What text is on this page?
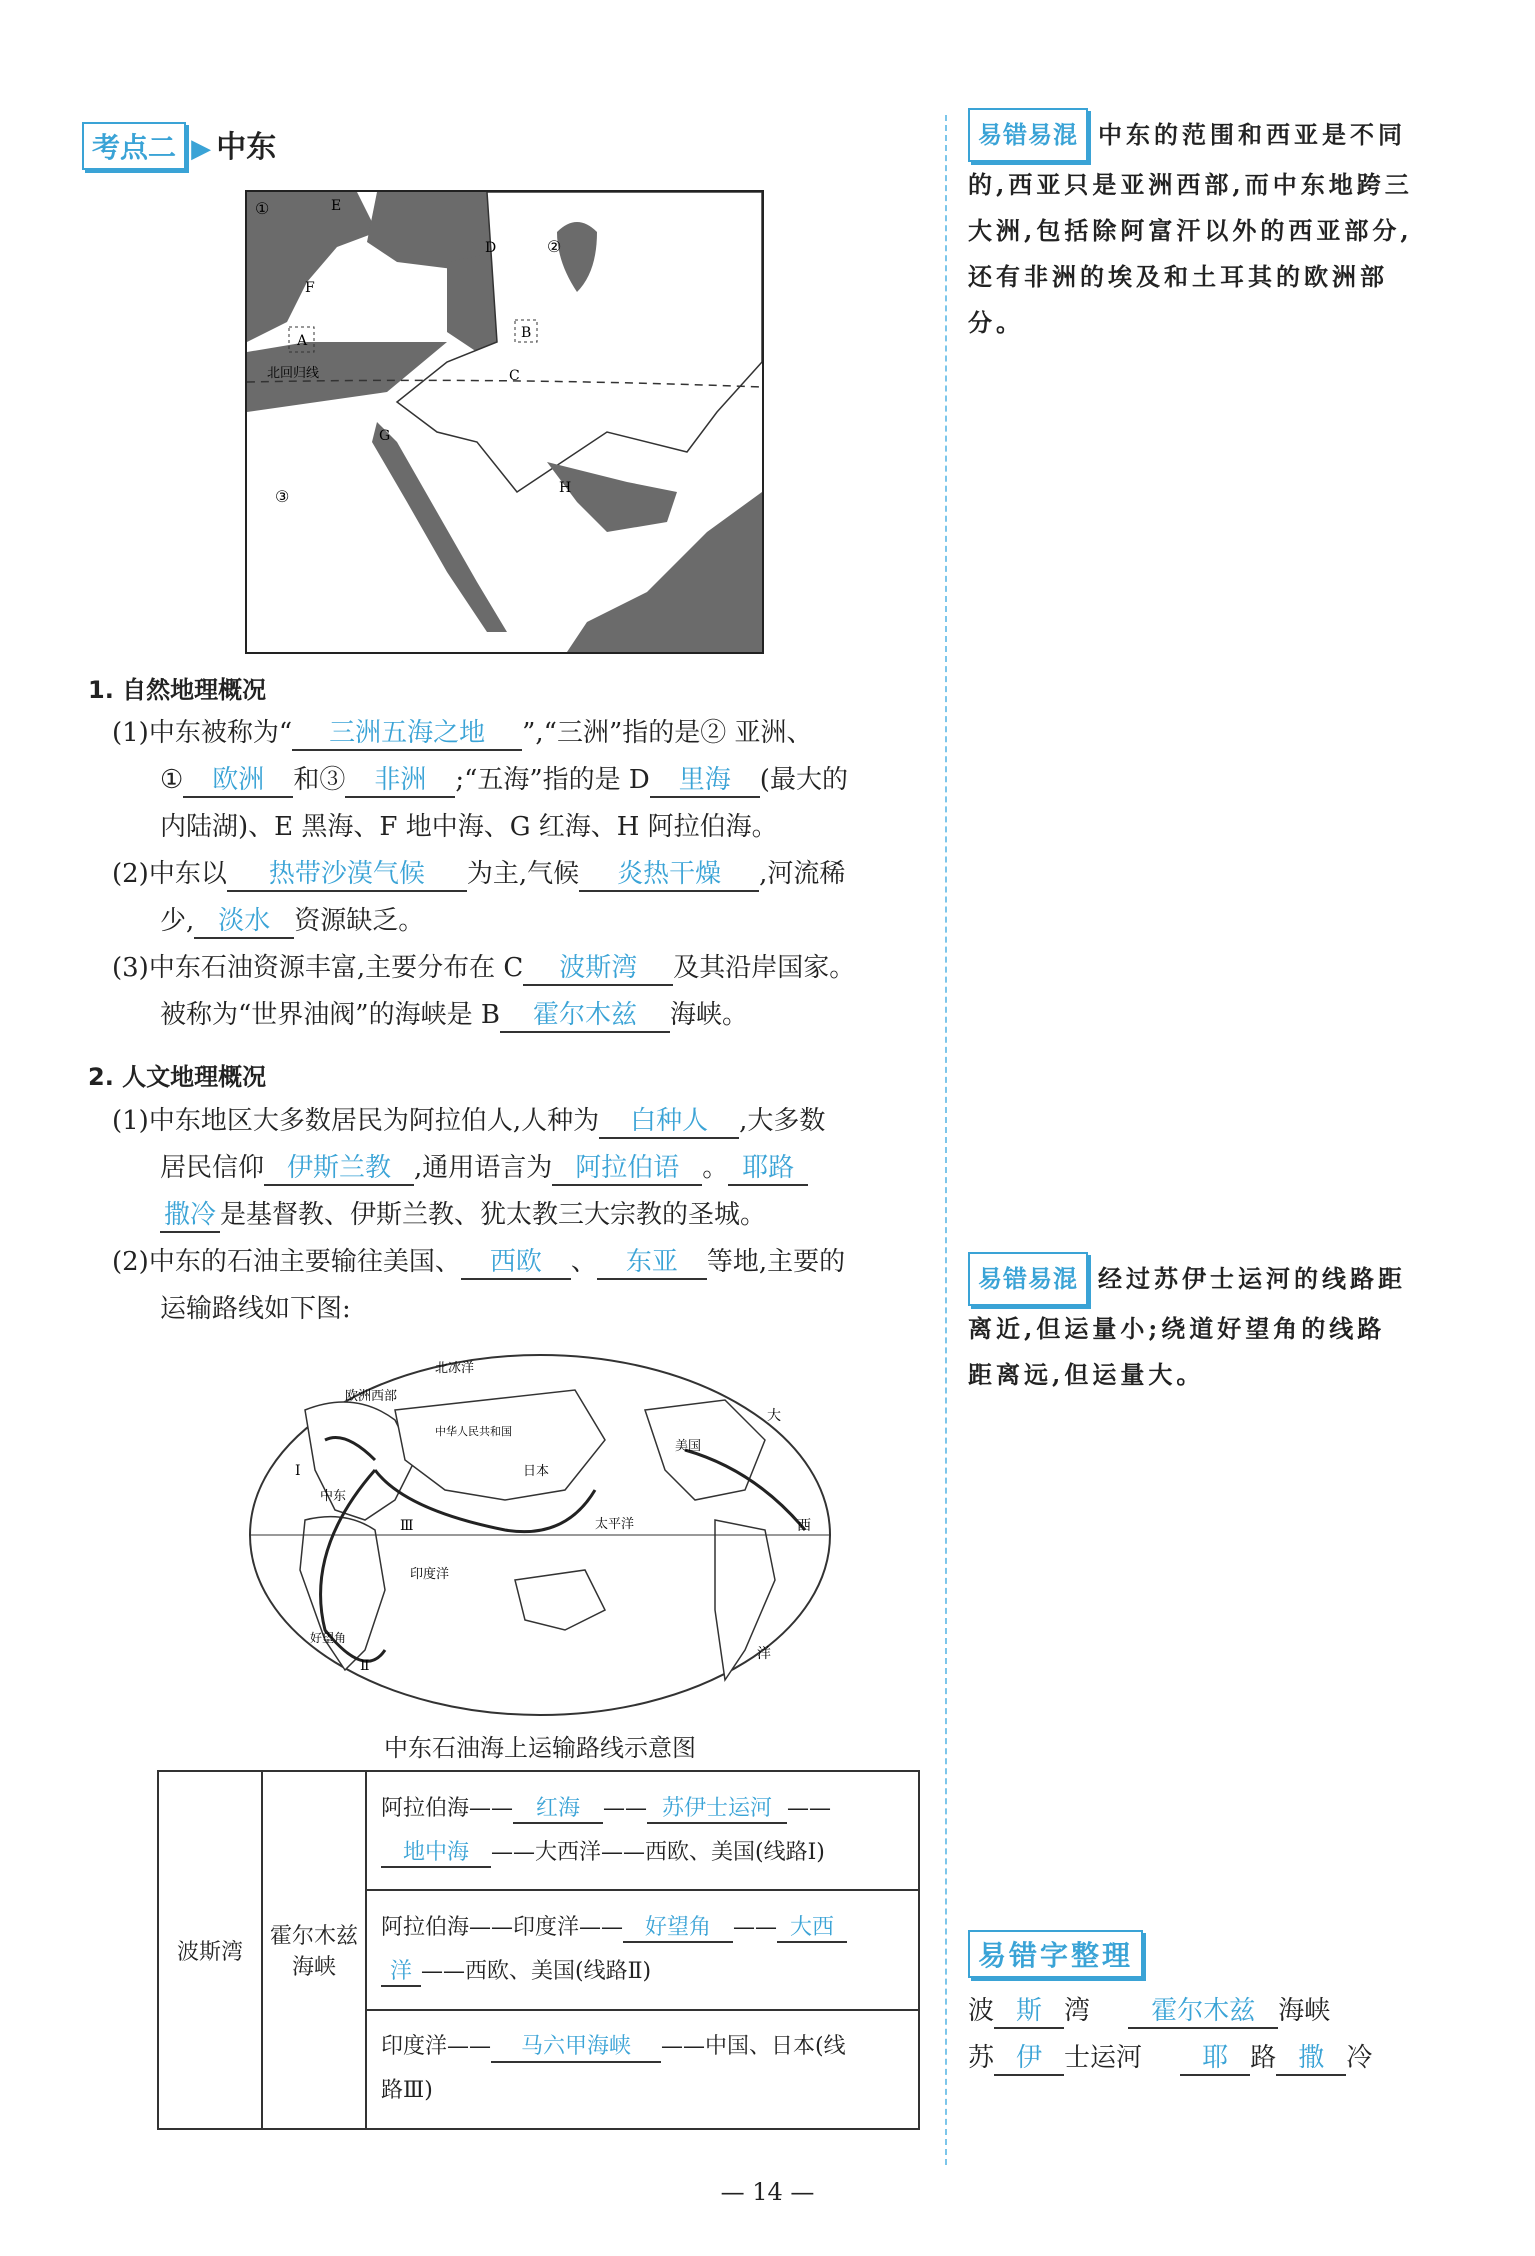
考点二 ▶ 中东
E
D
F
A	B
C
G
H
①
②
③
北回归线
1. 自然地理概况
(1)中东被称为“ 三洲五海之地 ”,“三洲”指的是② 亚洲、
① 欧洲 和③ 非洲 ;“五海”指的是 D 里海 (最大的
内陆湖)、E 黑海、F 地中海、G 红海、H 阿拉伯海。
(2)中东以 热带沙漠气候 为主,气候 炎热干燥 ,河流稀
少, 淡水 资源缺乏。
(3)中东石油资源丰富,主要分布在 C 波斯湾 及其沿岸国家。
被称为“世界油阀”的海峡是 B 霍尔木兹 海峡。
2. 人文地理概况
(1)中东地区大多数居民为阿拉伯人,人种为 白种人 ,大多数
居民信仰 伊斯兰教 ,通用语言为 阿拉伯语 。 耶路
撒冷 是基督教、伊斯兰教、犹太教三大宗教的圣城。
(2)中东的石油主要输往美国、 西欧 、 东亚 等地,主要的
运输路线如下图:
北冰洋
欧洲西部
美国
中华人民共和国
日本
中东
太平洋
印度洋
好望角
大
西
洋
Ⅰ
Ⅱ
Ⅲ
中东石油海上运输路线示意图
波斯湾	霍尔木兹海峡	阿拉伯海—— 红海 —— 苏伊士运河 ——
地中海 ——大西洋——西欧、美国(线路Ⅰ)
阿拉伯海——印度洋—— 好望角 —— 大西
洋 ——西欧、美国(线路Ⅱ)
印度洋—— 马六甲海峡 ——中国、日本(线
路Ⅲ)
易错易混 中东的范围和西亚是不同的,西亚只是亚洲西部,而中东地跨三大洲,包括除阿富汗以外的西亚部分,还有非洲的埃及和土耳其的欧洲部分。
易错易混 经过苏伊士运河的线路距离近,但运量小;绕道好望角的线路距离远,但运量大。
易错字整理
波 斯 湾 霍尔木兹 海峡
苏 伊 士运河 耶 路 撒 冷
— 14 —
